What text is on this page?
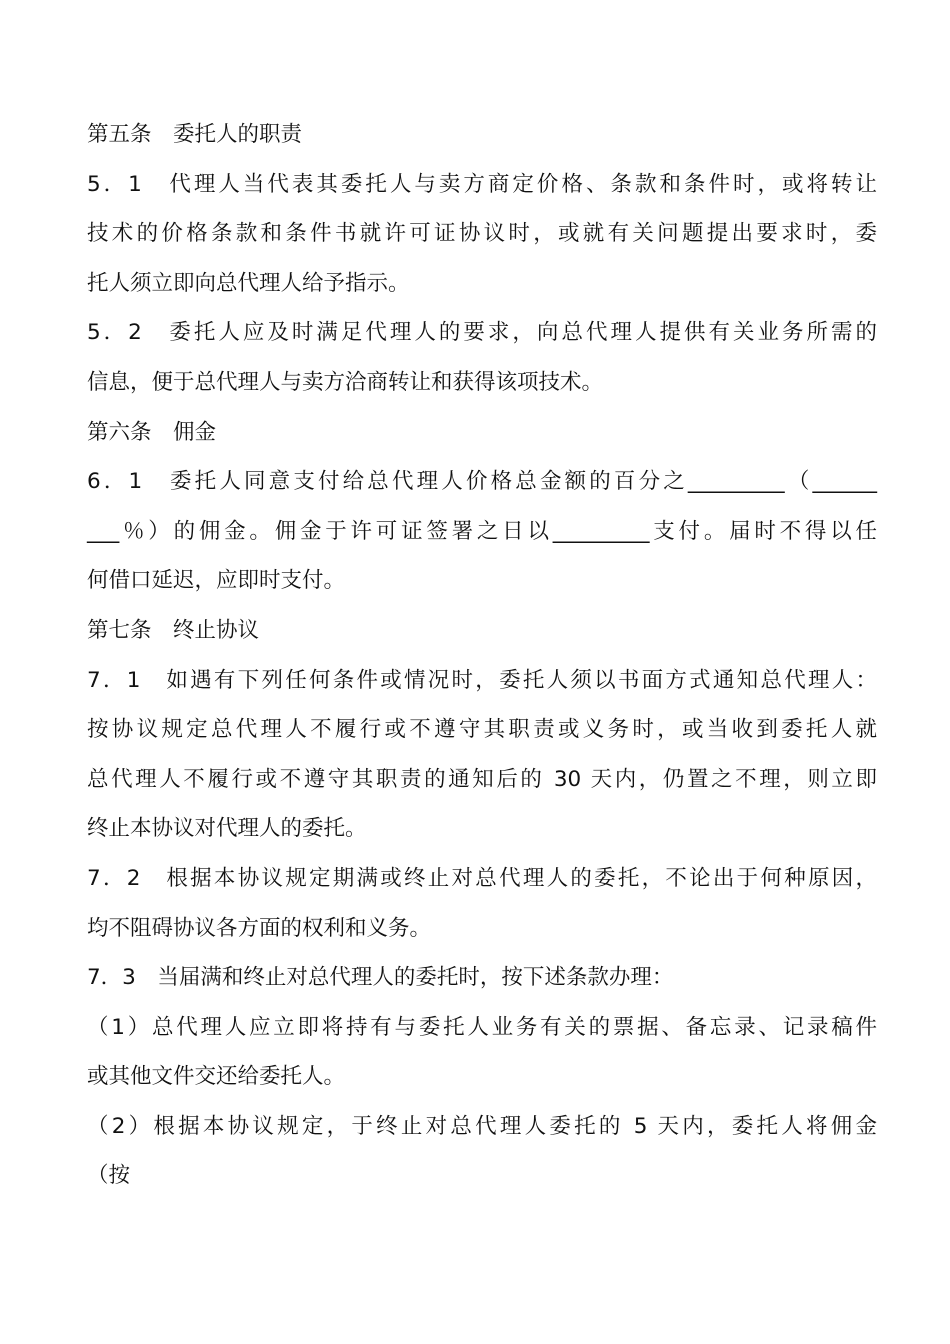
第五条　委托人的职责
5．1　代理人当代表其委托人与卖方商定价格、条款和条件时，或将转让
技术的价格条款和条件书就许可证协议时，或就有关问题提出要求时，委
托人须立即向总代理人给予指示。
5．2　委托人应及时满足代理人的要求，向总代理人提供有关业务所需的
信息，便于总代理人与卖方洽商转让和获得该项技术。
第六条　佣金
6．1　委托人同意支付给总代理人价格总金额的百分之_________（______
___％）的佣金。佣金于许可证签署之日以_________支付。届时不得以任
何借口延迟，应即时支付。
第七条　终止协议
7．1　如遇有下列任何条件或情况时，委托人须以书面方式通知总代理人：
按协议规定总代理人不履行或不遵守其职责或义务时，或当收到委托人就
总代理人不履行或不遵守其职责的通知后的 30 天内，仍置之不理，则立即
终止本协议对代理人的委托。
7．2　根据本协议规定期满或终止对总代理人的委托，不论出于何种原因，
均不阻碍协议各方面的权利和义务。
7．3　当届满和终止对总代理人的委托时，按下述条款办理：
（1）总代理人应立即将持有与委托人业务有关的票据、备忘录、记录稿件
或其他文件交还给委托人。
（2）根据本协议规定，于终止对总代理人委托的 5 天内，委托人将佣金
（按
